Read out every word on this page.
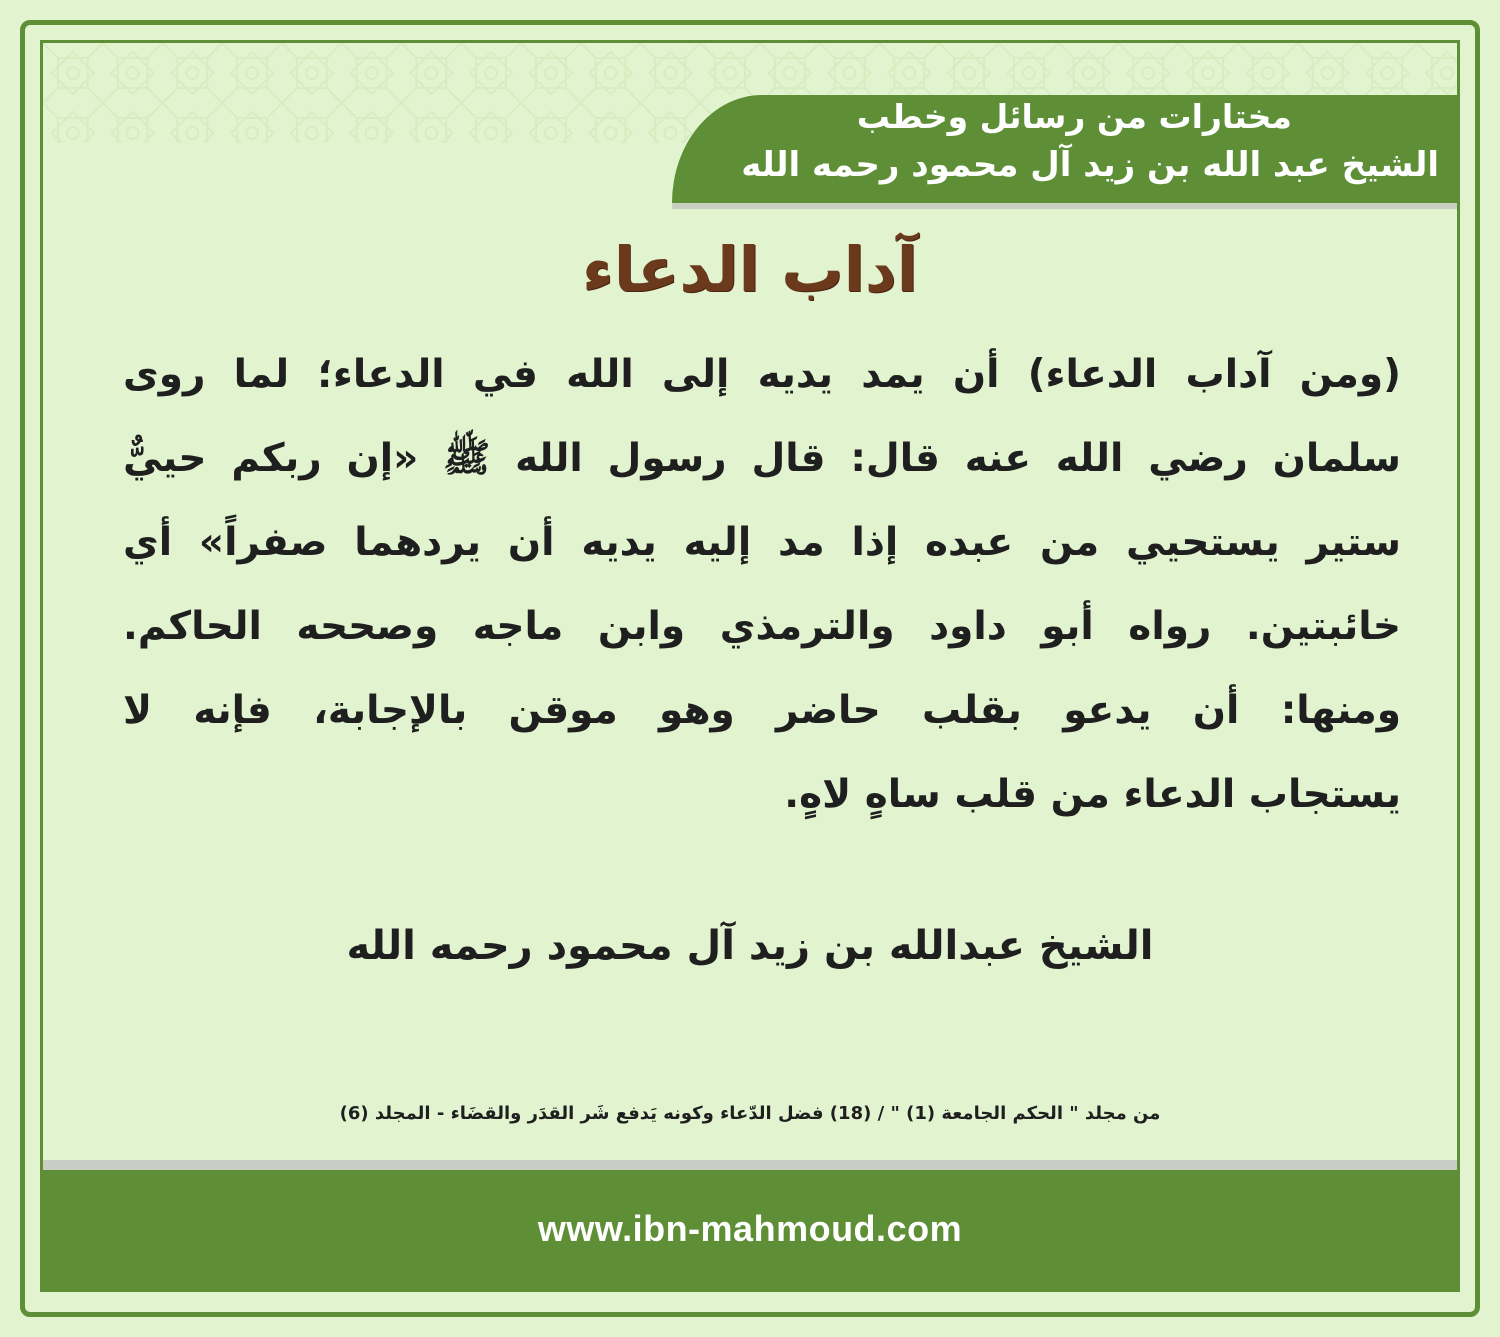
مختارات من رسائل وخطب
الشيخ عبد الله بن زيد آل محمود رحمه الله
آداب الدعاء
(ومن آداب الدعاء) أن يمد يديه إلى الله في الدعاء؛ لما روى
سلمان رضي الله عنه قال: قال رسول الله ﷺ «إن ربكم حييٌّ
ستير يستحيي من عبده إذا مد إليه يديه أن يردهما صفراً» أي
خائبتين. رواه أبو داود والترمذي وابن ماجه وصححه الحاكم.
ومنها: أن يدعو بقلب حاضر وهو موقن بالإجابة، فإنه لا
يستجاب الدعاء من قلب ساهٍ لاهٍ.
الشيخ عبدالله بن زيد آل محمود رحمه الله
من مجلد " الحكم الجامعة (1) " / (18) فضل الدّعاء وكونه يَدفع شَر القدَر والقضَاء - المجلد (6)
www.ibn-mahmoud.com
